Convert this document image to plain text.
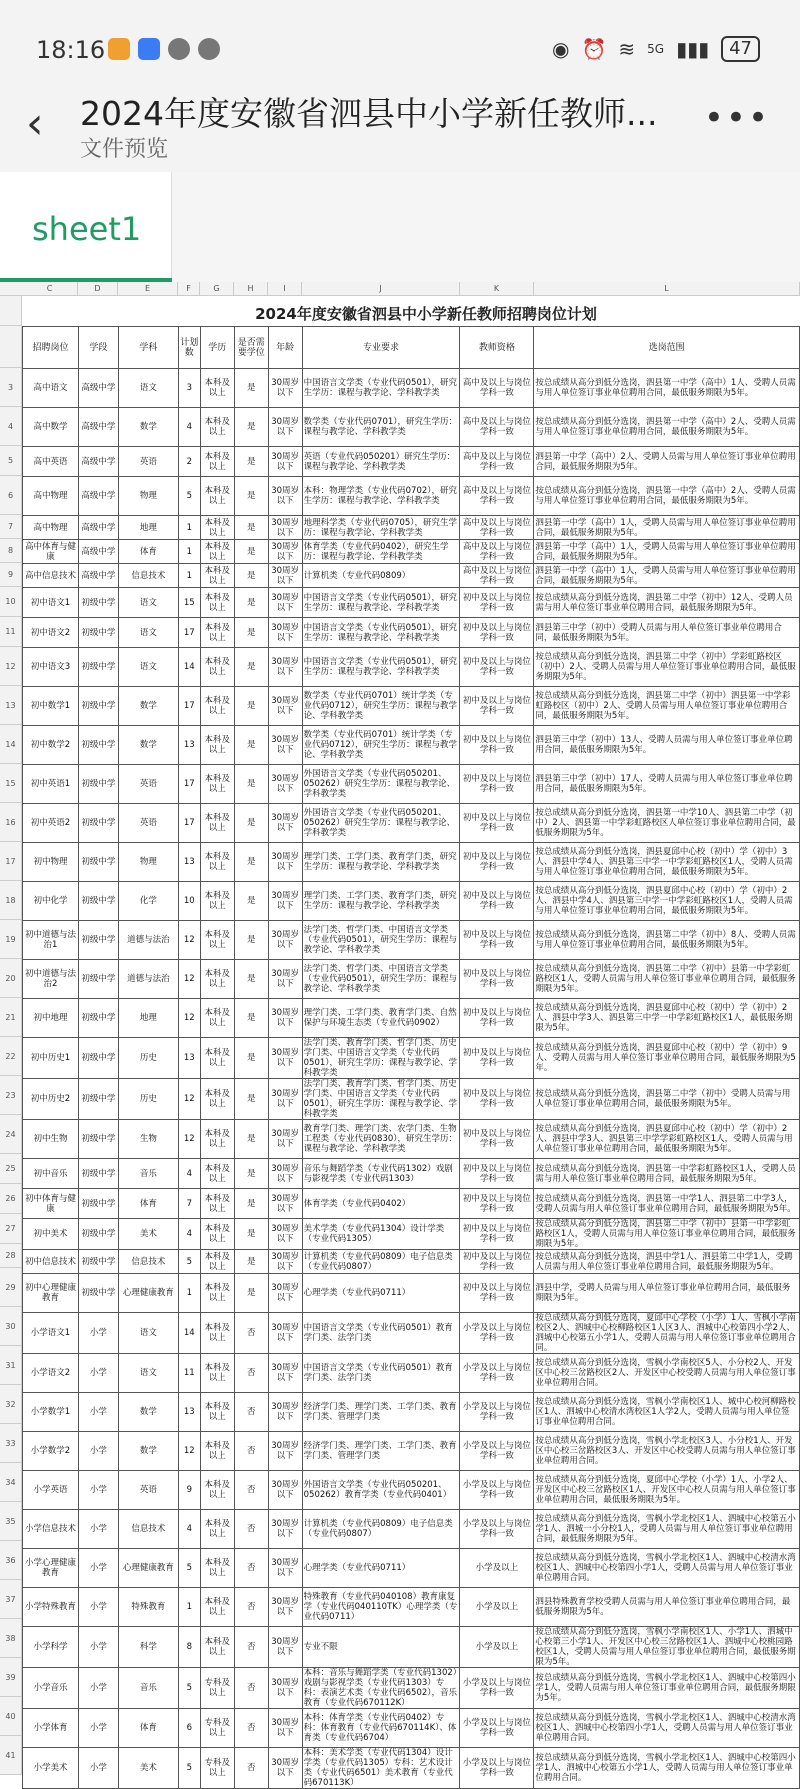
18:16	◉ ⏰ ≋ 5G ▮▮▮	47
‹ 2024年度安徽省泗县中小学新任教师...
文件预览
•••
sheet1
C	D	E	F	G	H	I	J	K	L
3
4
5
6
7
8
9
10
11
12
13
14
15
16
17
18
19
20
21
22
23
24
25
26
27
28
29
30
31
32
33
34
35
36
37
38
39
40
41
2024年度安徽省泗县中小学新任教师招聘岗位计划
招聘岗位	学段	学科	计划数	学历	是否需要学位	年龄	专业要求	教师资格	选岗范围
高中语文	高级中学	语文	3	本科及以上	是	30周岁以下	中国语言文学类（专业代码0501），研究生学历：课程与教学论、学科教学类	高中及以上与岗位学科一致	按总成绩从高分到低分选岗，泗县第一中学（高中）1人、受聘人员需与用人单位签订事业单位聘用合同，最低服务期限为5年。
高中数学	高级中学	数学	4	本科及以上	是	30周岁以下	数学类（专业代码0701），研究生学历：课程与教学论、学科教学类	高中及以上与岗位学科一致	按总成绩从高分到低分选岗，泗县第一中学（高中）2人、受聘人员需与用人单位签订事业单位聘用合同，最低服务期限为5年。
高中英语	高级中学	英语	2	本科及以上	是	30周岁以下	英语（专业代码050201）研究生学历：课程与教学论、学科教学类	高中及以上与岗位学科一致	泗县第一中学（高中）2人、受聘人员需与用人单位签订事业单位聘用合同，最低服务期限为5年。
高中物理	高级中学	物理	5	本科及以上	是	30周岁以下	本科：物理学类（专业代码0702），研究生学历：课程与教学论、学科教学类	高中及以上与岗位学科一致	按总成绩从高分到低分选岗，泗县第一中学（高中）2人、受聘人员需与用人单位签订事业单位聘用合同，最低服务期限为5年。
高中物理	高级中学	地理	1	本科及以上	是	30周岁以下	地理科学类（专业代码0705），研究生学历：课程与教学论、学科教学类	高中及以上与岗位学科一致	泗县第一中学（高中）1人，受聘人员需与用人单位签订事业单位聘用合同，最低服务期限为5年。
高中体育与健康	高级中学	体育	1	本科及以上	是	30周岁以下	体育学类（专业代码0402），研究生学历：课程与教学论、学科教学类	高中及以上与岗位学科一致	泗县第一中学（高中）1人，受聘人员需与用人单位签订事业单位聘用合同，最低服务期限为5年。
高中信息技术	高级中学	信息技术	1	本科及以上	是	30周岁以下	计算机类（专业代码0809）	高中及以上与岗位学科一致	泗县第一中学（高中）1人，受聘人员需与用人单位签订事业单位聘用合同，最低服务期限为5年。
初中语文1	初级中学	语文	15	本科及以上	是	30周岁以下	中国语言文学类（专业代码0501），研究生学历：课程与教学论、学科教学类	初中及以上与岗位学科一致	按总成绩从高分到低分选岗，泗县第二中学（初中）12人、受聘人员需与用人单位签订事业单位聘用合同，最低服务期限为5年。
初中语文2	初级中学	语文	17	本科及以上	是	30周岁以下	中国语言文学类（专业代码0501），研究生学历：课程与教学论、学科教学类	初中及以上与岗位学科一致	泗县第三中学（初中）受聘人员需与用人单位签订事业单位聘用合同，最低服务期限为5年。
初中语文3	初级中学	语文	14	本科及以上	是	30周岁以下	中国语言文学类（专业代码0501），研究生学历：课程与教学论、学科教学类	初中及以上与岗位学科一致	按总成绩从高分到低分选岗，泗县第二中学（初中）学彩虹路校区（初中）2人、受聘人员需与用人单位签订事业单位聘用合同，最低服务期限为5年。
初中数学1	初级中学	数学	17	本科及以上	是	30周岁以下	数学类（专业代码0701）统计学类（专业代码0712），研究生学历：课程与教学论、学科教学类	初中及以上与岗位学科一致	按总成绩从高分到低分选岗，泗县第二中学（初中）泗县第一中学彩虹路校区（初中）2人、受聘人员需与用人单位签订事业单位聘用合同，最低服务期限为5年。
初中数学2	初级中学	数学	13	本科及以上	是	30周岁以下	数学类（专业代码0701）统计学类（专业代码0712），研究生学历：课程与教学论、学科教学类	初中及以上与岗位学科一致	泗县第三中学（初中）13人、受聘人员需与用人单位签订事业单位聘用合同，最低服务期限为5年。
初中英语1	初级中学	英语	17	本科及以上	是	30周岁以下	外国语言文学类（专业代码050201、050262）研究生学历：课程与教学论、学科教学类	初中及以上与岗位学科一致	泗县第三中学（初中）17人、受聘人员需与用人单位签订事业单位聘用合同，最低服务期限为5年。
初中英语2	初级中学	英语	17	本科及以上	是	30周岁以下	外国语言文学类（专业代码050201、050262）研究生学历：课程与教学论、学科教学类	初中及以上与岗位学科一致	按总成绩从高分到低分选岗，泗县第一中学10人、泗县第二中学（初中）2人、泗县第一中学彩虹路校区人单位签订事业单位聘用合同，最低服务期限为5年。
初中物理	初级中学	物理	13	本科及以上	是	30周岁以下	理学门类、工学门类、教育学门类，研究生学历：课程与教学论、学科教学类	初中及以上与岗位学科一致	按总成绩从高分到低分选岗，泗县夏邱中心校（初中）学（初中）3人、泗县中学4人、泗县第三中学一中学彩虹路校区1人，受聘人员需与用人单位签订事业单位聘用合同，最低服务期限为5年。
初中化学	初级中学	化学	10	本科及以上	是	30周岁以下	理学门类、工学门类、教育学门类，研究生学历：课程与教学论、学科教学类	初中及以上与岗位学科一致	按总成绩从高分到低分选岗，泗县夏邱中心校（初中）学（初中）2人、泗县中学4人、泗县第三中学一中学彩虹路校区1人，受聘人员需与用人单位签订事业单位聘用合同，最低服务期限为5年。
初中道德与法治1	初级中学	道德与法治	12	本科及以上	是	30周岁以下	法学门类、哲学门类、中国语言文学类（专业代码0501），研究生学历：课程与教学论、学科教学类	初中及以上与岗位学科一致	按总成绩从高分到低分选岗，泗县第二中学（初中）8人、受聘人员需与用人单位签订事业单位聘用合同，最低服务期限为5年。
初中道德与法治2	初级中学	道德与法治	12	本科及以上	是	30周岁以下	法学门类、哲学门类、中国语言文学类（专业代码0501），研究生学历：课程与教学论、学科教学类	初中及以上与岗位学科一致	按总成绩从高分到低分选岗，泗县第二中学（初中）县第一中学彩虹路校区1人，受聘人员需与用人单位签订事业单位聘用合同，最低服务期限为5年。
初中地理	初级中学	地理	12	本科及以上	是	30周岁以下	理学门类、工学门类、教育学门类、自然保护与环境生态类（专业代码0902）	初中及以上与岗位学科一致	按总成绩从高分到低分选岗，泗县夏邱中心校（初中）学（初中）2人、泗县中学3人、泗县第三中学一中学彩虹路校区1人，最低服务期限为5年。
初中历史1	初级中学	历史	13	本科及以上	是	30周岁以下	法学门类、教育学门类、哲学门类、历史学门类、中国语言文学类（专业代码0501），研究生学历：课程与教学论、学科教学类	初中及以上与岗位学科一致	按总成绩从高分到低分选岗，泗县夏邱中心校（初中）学（初中）9人、受聘人员需与用人单位签订事业单位聘用合同，最低服务期限为5年。
初中历史2	初级中学	历史	12	本科及以上	是	30周岁以下	法学门类、教育学门类、哲学门类、历史学门类、中国语言文学类（专业代码0501），研究生学历：课程与教学论、学科教学类	初中及以上与岗位学科一致	按总成绩从高分到低分选岗，泗县第二中学（初中）受聘人员需与用人单位签订事业单位聘用合同，最低服务期限为5年。
初中生物	初级中学	生物	12	本科及以上	是	30周岁以下	教育学门类、理学门类、农学门类、生物工程类（专业代码0830），研究生学历：课程与教学论、学科教学类	初中及以上与岗位学科一致	按总成绩从高分到低分选岗，泗县夏邱中心校（初中）学（初中）2人、泗县中学3人、泗县第三中学学彩虹路校区1人，受聘人员需与用人单位签订事业单位聘用合同，最低服务期限为5年。
初中音乐	初级中学	音乐	4	本科及以上	是	30周岁以下	音乐与舞蹈学类（专业代码1302）戏剧与影视学类（专业代码1303）	初中及以上与岗位学科一致	按总成绩从高分到低分选岗，泗县第一中学彩虹路校区1人，受聘人员需与用人单位签订事业单位聘用合同，最低服务期限为5年。
初中体育与健康	初级中学	体育	7	本科及以上	是	30周岁以下	体育学类（专业代码0402）	初中及以上与岗位学科一致	按总成绩从高分到低分选岗，泗县第一中学1人、泗县第二中学3人，受聘人员需与用人单位签订事业单位聘用合同，最低服务期限为5年。
初中美术	初级中学	美术	4	本科及以上	是	30周岁以下	美术学类（专业代码1304）设计学类（专业代码1305）	初中及以上与岗位学科一致	按总成绩从高分到低分选岗，泗县第二中学（初中）县第一中学彩虹路校区1人，受聘人员需与用人单位签订事业单位聘用合同，最低服务期限为5年。
初中信息技术	初级中学	信息技术	5	本科及以上	是	30周岁以下	计算机类（专业代码0809）电子信息类（专业代码0807）	初中及以上与岗位学科一致	按总成绩从高分到低分选岗，泗县中学1人、泗县第二中学1人，受聘人员需与用人单位签订事业单位聘用合同，最低服务期限为5年。
初中心理健康教育	初级中学	心理健康教育	1	本科及以上	是	30周岁以下	心理学类（专业代码0711）	初中及以上与岗位学科一致	泗县中学，受聘人员需与用人单位签订事业单位聘用合同，最低服务期限为5年。
小学语文1	小学	语文	14	本科及以上	否	30周岁以下	中国语言文学类（专业代码0501）教育学门类、法学门类	小学及以上与岗位学科一致	按总成绩从高分到低分选岗，夏邱中心学校（小学）1人、雪枫小学南校区2人、泗城中心校柳路校区1人区3人、泗城中心校第四小学2人、泗城中心校第五小学1人，受聘人员需与用人单位签订事业单位聘用合同。
小学语文2	小学	语文	11	本科及以上	否	30周岁以下	中国语言文学类（专业代码0501）教育学门类、法学门类	小学及以上与岗位学科一致	按总成绩从高分到低分选岗，雪枫小学南校区5人、小分校2人、开发区中心校三岔路校区2人、开发区中心校受聘人员需与用人单位签订事业单位聘用合同。
小学数学1	小学	数学	13	本科及以上	否	30周岁以下	经济学门类、理学门类、工学门类、教育学门类、管理学门类	小学及以上与岗位学科一致	按总成绩从高分到低分选岗，雪枫小学南校区1人、城中心校河柳路校区1人、泗城中心校清水湾校区1人学2人，受聘人员需与用人单位签订事业单位聘用合同。
小学数学2	小学	数学	12	本科及以上	否	30周岁以下	经济学门类、理学门类、工学门类、教育学门类、管理学门类	小学及以上与岗位学科一致	按总成绩从高分到低分选岗，雪枫小学北校区3人、小分校1人、开发区中心校三岔路校区3人、开发区中心校受聘人员需与用人单位签订事业单位聘用合同。
小学英语	小学	英语	9	本科及以上	否	30周岁以下	外国语言文学类（专业代码050201、050262）教育学类（专业代码0401）	小学及以上与岗位学科一致	按总成绩从高分到低分选岗，夏邱中心学校（小学）1人、小学2人、开发区中心校三岔路校区1人、开发区中心校人员需与用人单位签订事业单位聘用合同，最低服务期限为5年。
小学信息技术	小学	信息技术	4	本科及以上	否	30周岁以下	计算机类（专业代码0809）电子信息类（专业代码0807）	小学及以上与岗位学科一致	按总成绩从高分到低分选岗，雪枫小学北校区1人、泗城中心校第五小学1人、泗城一小分校1人，受聘人员需与用人单位签订事业单位聘用合同，最低服务期限为5年。
小学心理健康教育	小学	心理健康教育	5	本科及以上	否	30周岁以下	心理学类（专业代码0711）	小学及以上	按总成绩从高分到低分选岗，雪枫小学北校区1人、泗城中心校清水湾校区1人、泗城中心校第四小学1人，受聘人员需与用人单位签订事业单位聘用合同。
小学特殊教育	小学	特殊教育	1	本科及以上	否	30周岁以下	特殊教育（专业代码040108）教育康复学（专业代码040110TK）心理学类（专业代码0711）	小学及以上	泗县特殊教育学校受聘人员需与用人单位签订事业单位聘用合同，最低服务期限为5年。
小学科学	小学	科学	8	本科及以上	否	30周岁以下	专业不限	小学及以上	按总成绩从高分到低分选岗，雪枫小学南校区1人、小学1人、泗城中心校第三小学1人、开发区中心校三岔路校区1人、泗城中心校桃园路校区1人，受聘人员需与用人单位签订事业单位聘用合同，最低服务期限为5年。
小学音乐	小学	音乐	5	专科及以上	否	30周岁以下	本科：音乐与舞蹈学类（专业代码1302）戏剧与影视学类（专业代码1303）专科：表演艺术类（专业代码6502），音乐教育（专业代码670112K）	小学及以上与岗位学科一致	按总成绩从高分到低分选岗，雪枫小学北校区1人、泗城中心校第四小学1人，受聘人员需与用人单位签订事业单位聘用合同，最低服务期限为5年。
小学体育	小学	体育	6	专科及以上	否	30周岁以下	本科：体育学类（专业代码0402）专科：体育教育（专业代码670114K）、体育类（专业代码6704）	小学及以上与岗位学科一致	按总成绩从高分到低分选岗，雪枫小学北校区1人、泗城中心校清水湾校区1人、泗城中心校第四小学1人，受聘人员需与用人单位签订事业单位聘用合同。
小学美术	小学	美术	5	专科及以上	否	30周岁以下	本科：美术学类（专业代码1304）设计学类（专业代码1305）专科：艺术设计类（专业代码6501）美术教育（专业代码670113K）	小学及以上与岗位学科一致	按总成绩从高分到低分选岗，雪枫小学北校区1人、泗城中心校第四小学1人、泗城中心校第五小学1人，受聘人员需与用人单位签订事业单位聘用合同。
